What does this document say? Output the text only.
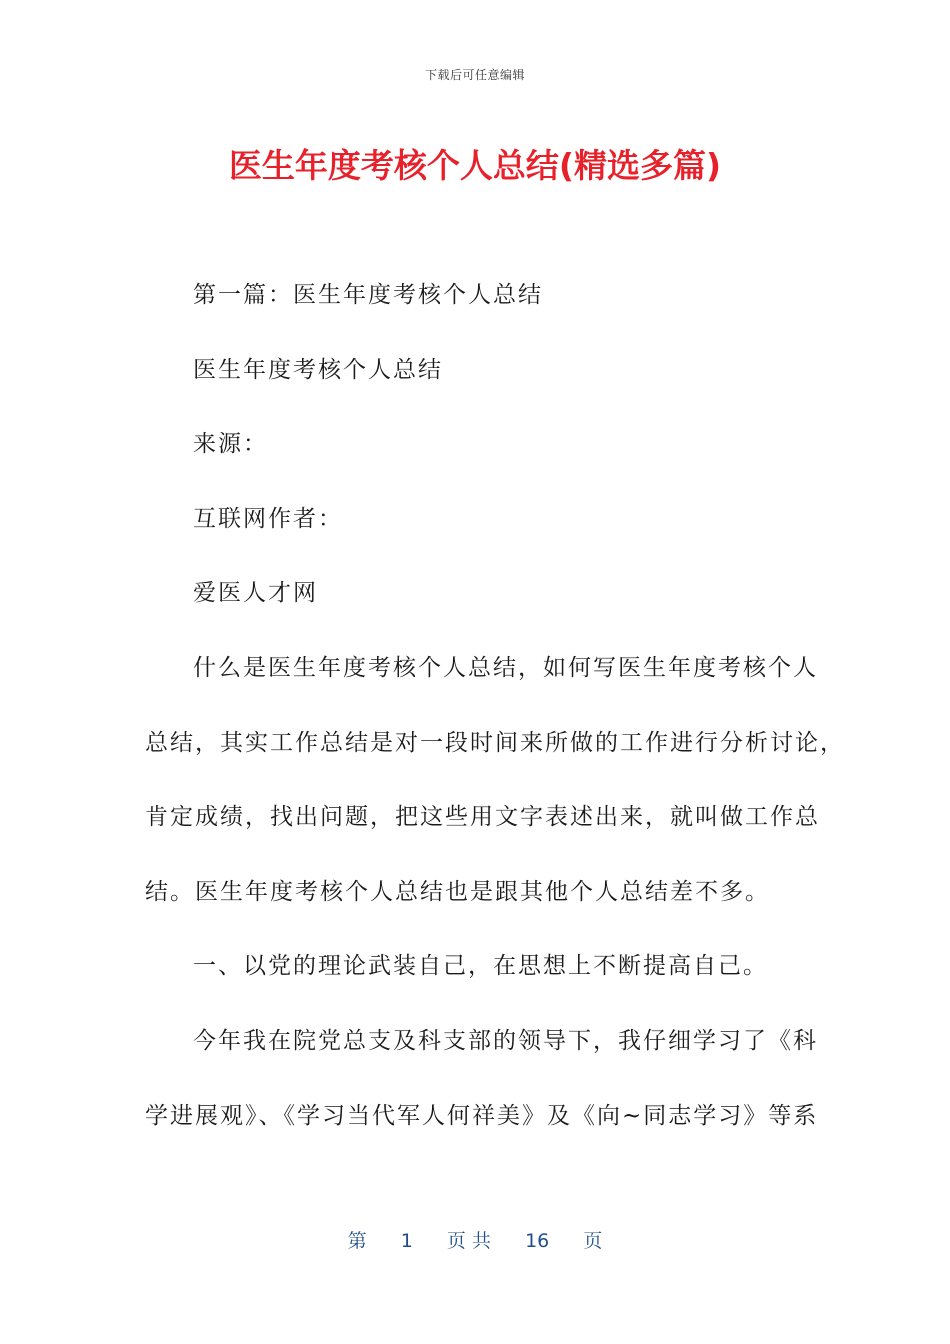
下载后可任意编辑
医生年度考核个人总结(精选多篇)

第一篇：医生年度考核个人总结

医生年度考核个人总结

来源：

互联网作者：

爱医人才网

什么是医生年度考核个人总结，如何写医生年度考核个人

总结，其实工作总结是对一段时间来所做的工作进行分析讨论，

肯定成绩，找出问题，把这些用文字表述出来，就叫做工作总

结。医生年度考核个人总结也是跟其他个人总结差不多。

一、以党的理论武装自己，在思想上不断提高自己。

今年我在院党总支及科支部的领导下，我仔细学习了《科

学进展观》、《学习当代军人何祥美》及《向~同志学习》等系

第 1 页 共 16 页
